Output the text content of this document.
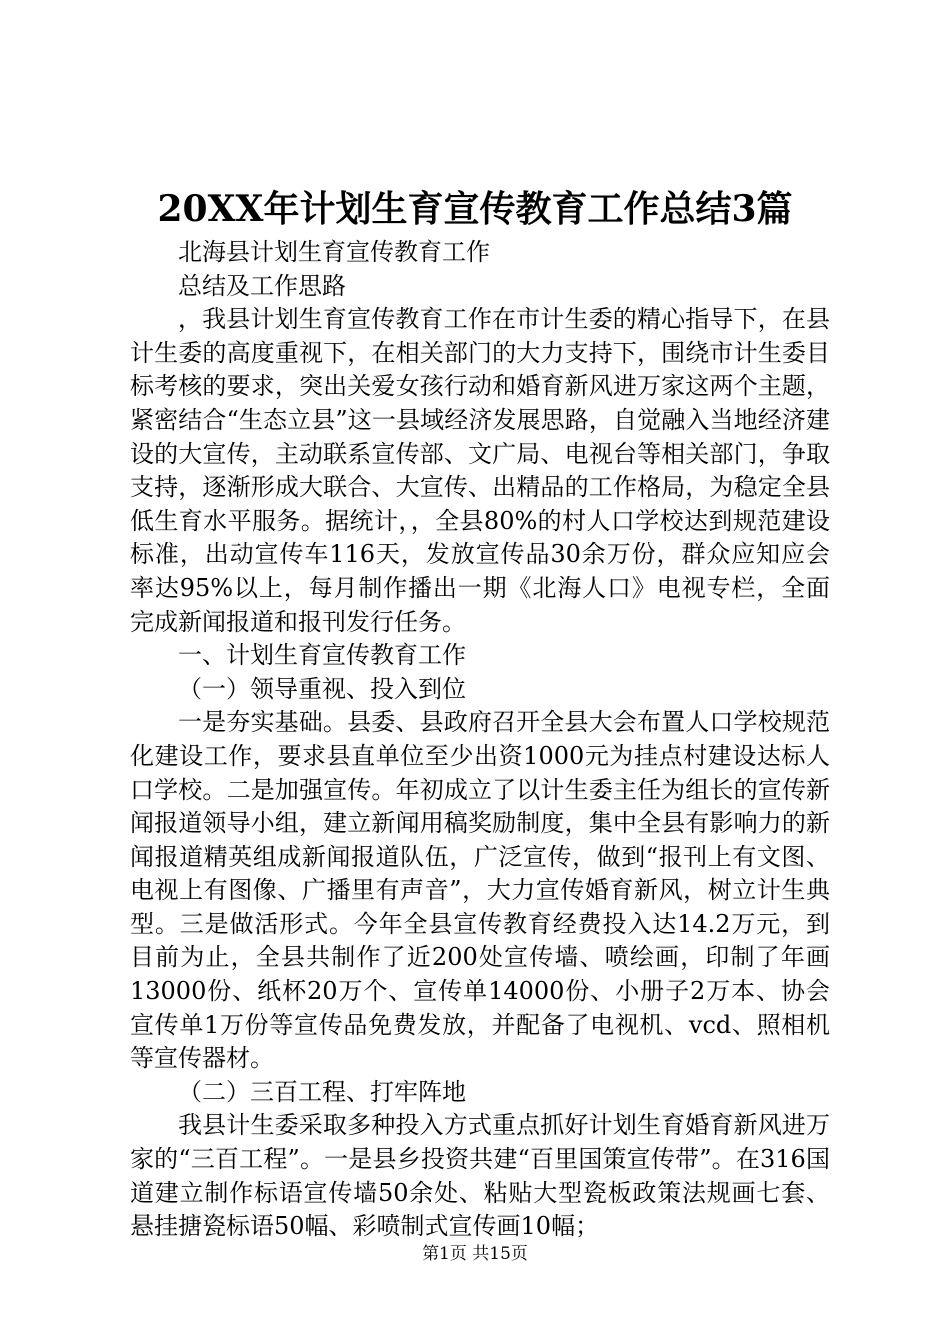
20XX年计划生育宣传教育工作总结3篇

北海县计划生育宣传教育工作

总结及工作思路

，我县计划生育宣传教育工作在市计生委的精心指导下，在县计生委的高度重视下，在相关部门的大力支持下，围绕市计生委目标考核的要求，突出关爱女孩行动和婚育新风进万家这两个主题，紧密结合“生态立县”这一县域经济发展思路，自觉融入当地经济建设的大宣传，主动联系宣传部、文广局、电视台等相关部门，争取支持，逐渐形成大联合、大宣传、出精品的工作格局，为稳定全县低生育水平服务。据统计，，全县80%的村人口学校达到规范建设标准，出动宣传车116天，发放宣传品30余万份，群众应知应会率达95%以上，每月制作播出一期《北海人口》电视专栏，全面完成新闻报道和报刊发行任务。

一、计划生育宣传教育工作

（一）领导重视、投入到位

一是夯实基础。县委、县政府召开全县大会布置人口学校规范化建设工作，要求县直单位至少出资1000元为挂点村建设达标人口学校。二是加强宣传。年初成立了以计生委主任为组长的宣传新闻报道领导小组，建立新闻用稿奖励制度，集中全县有影响力的新闻报道精英组成新闻报道队伍，广泛宣传，做到“报刊上有文图、电视上有图像、广播里有声音”，大力宣传婚育新风，树立计生典型。三是做活形式。今年全县宣传教育经费投入达14.2万元，到目前为止，全县共制作了近200处宣传墙、喷绘画，印制了年画13000份、纸杯20万个、宣传单14000份、小册子2万本、协会宣传单1万份等宣传品免费发放，并配备了电视机、vcd、照相机等宣传器材。

（二）三百工程、打牢阵地

我县计生委采取多种投入方式重点抓好计划生育婚育新风进万家的“三百工程”。一是县乡投资共建“百里国策宣传带”。在316国道建立制作标语宣传墙50余处、粘贴大型瓷板政策法规画七套、悬挂搪瓷标语50幅、彩喷制式宣传画10幅；

第1页 共15页
